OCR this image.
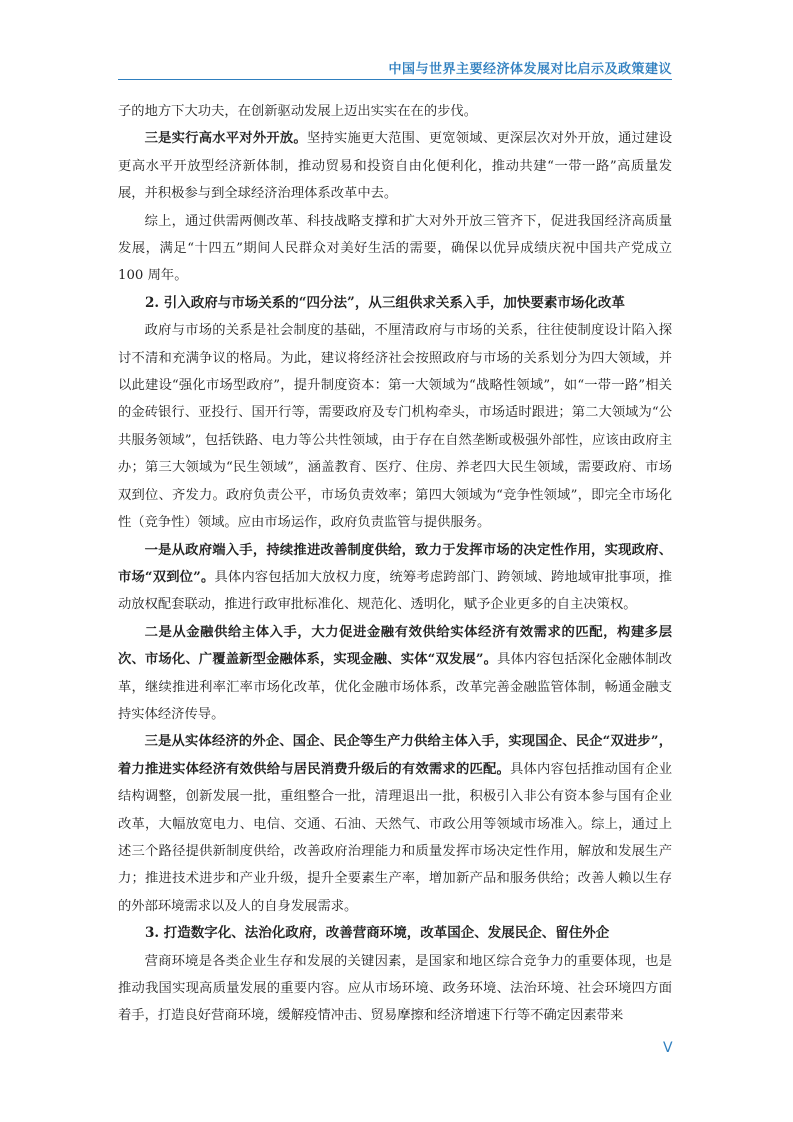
中国与世界主要经济体发展对比启示及政策建议

子的地方下大功夫，在创新驱动发展上迈出实实在在的步伐。

三是实行高水平对外开放。坚持实施更大范围、更宽领域、更深层次对外开放，通过建设更高水平开放型经济新体制，推动贸易和投资自由化便利化，推动共建“一带一路”高质量发展，并积极参与到全球经济治理体系改革中去。

综上，通过供需两侧改革、科技战略支撑和扩大对外开放三管齐下，促进我国经济高质量发展，满足“十四五”期间人民群众对美好生活的需要，确保以优异成绩庆祝中国共产党成立 100 周年。

2. 引入政府与市场关系的“四分法”，从三组供求关系入手，加快要素市场化改革

政府与市场的关系是社会制度的基础，不厘清政府与市场的关系，往往使制度设计陷入探讨不清和充满争议的格局。为此，建议将经济社会按照政府与市场的关系划分为四大领域，并以此建设“强化市场型政府”，提升制度资本：第一大领域为“战略性领域”，如“一带一路”相关的金砖银行、亚投行、国开行等，需要政府及专门机构牵头，市场适时跟进；第二大领域为“公共服务领域”，包括铁路、电力等公共性领域，由于存在自然垄断或极强外部性，应该由政府主办；第三大领域为“民生领域”，涵盖教育、医疗、住房、养老四大民生领域，需要政府、市场双到位、齐发力。政府负责公平，市场负责效率；第四大领域为“竞争性领域”，即完全市场化性（竞争性）领域。应由市场运作，政府负责监管与提供服务。

一是从政府端入手，持续推进改善制度供给，致力于发挥市场的决定性作用，实现政府、市场“双到位”。具体内容包括加大放权力度，统筹考虑跨部门、跨领域、跨地域审批事项，推动放权配套联动，推进行政审批标准化、规范化、透明化，赋予企业更多的自主决策权。

二是从金融供给主体入手，大力促进金融有效供给实体经济有效需求的匹配，构建多层次、市场化、广覆盖新型金融体系，实现金融、实体“双发展”。具体内容包括深化金融体制改革，继续推进利率汇率市场化改革，优化金融市场体系，改革完善金融监管体制，畅通金融支持实体经济传导。

三是从实体经济的外企、国企、民企等生产力供给主体入手，实现国企、民企“双进步”，着力推进实体经济有效供给与居民消费升级后的有效需求的匹配。具体内容包括推动国有企业结构调整，创新发展一批，重组整合一批，清理退出一批，积极引入非公有资本参与国有企业改革，大幅放宽电力、电信、交通、石油、天然气、市政公用等领域市场准入。综上，通过上述三个路径提供新制度供给，改善政府治理能力和质量发挥市场决定性作用，解放和发展生产力；推进技术进步和产业升级，提升全要素生产率，增加新产品和服务供给；改善人赖以生存的外部环境需求以及人的自身发展需求。

3. 打造数字化、法治化政府，改善营商环境，改革国企、发展民企、留住外企

营商环境是各类企业生存和发展的关键因素，是国家和地区综合竞争力的重要体现，也是推动我国实现高质量发展的重要内容。应从市场环境、政务环境、法治环境、社会环境四方面着手，打造良好营商环境，缓解疫情冲击、贸易摩擦和经济增速下行等不确定因素带来

V
